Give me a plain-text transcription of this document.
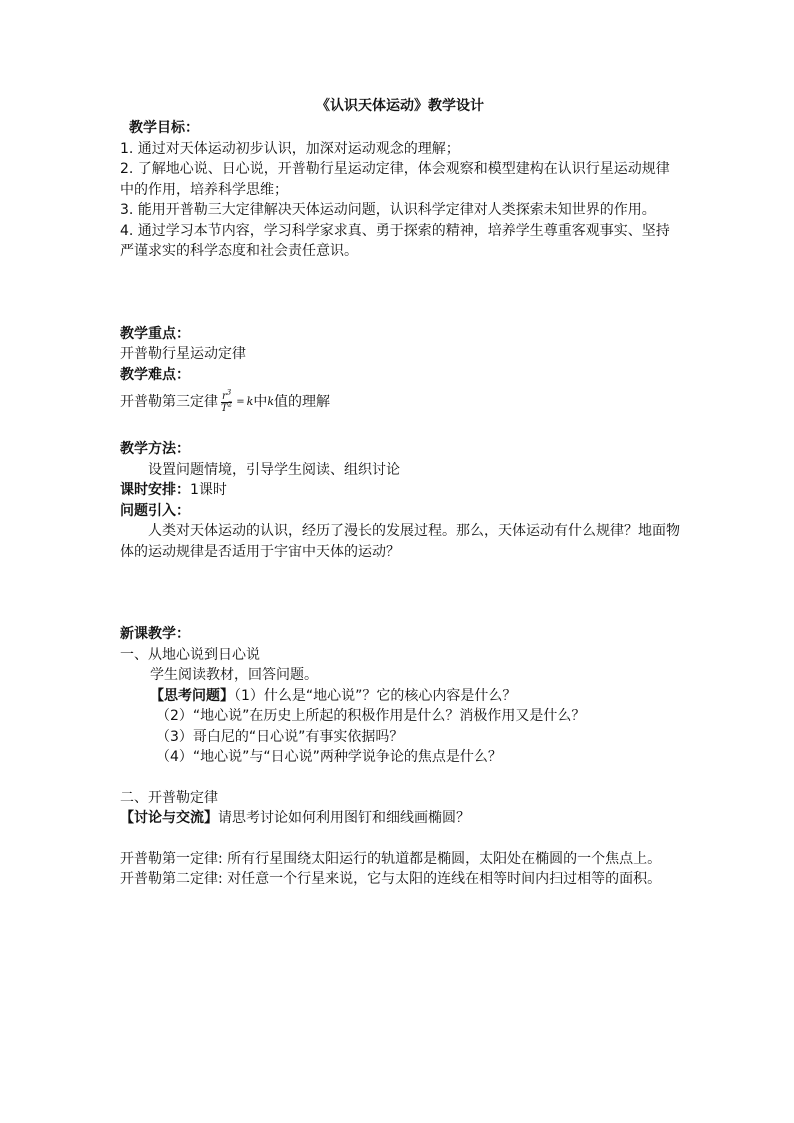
《认识天体运动》教学设计

教学目标：

1. 通过对天体运动初步认识，加深对运动观念的理解；

2. 了解地心说、日心说，开普勒行星运动定律，体会观察和模型建构在认识行星运动规律中的作用，培养科学思维；

3. 能用开普勒三大定律解决天体运动问题，认识科学定律对人类探索未知世界的作用。

4. 通过学习本节内容，学习科学家求真、勇于探索的精神，培养学生尊重客观事实、坚持严谨求实的科学态度和社会责任意识。

教学重点：

开普勒行星运动定律

教学难点：

开普勒第三定律 $\frac{r^3}{T^2} = k$ 中 k 值的理解

教学方法：

设置问题情境，引导学生阅读、组织讨论

课时安排：1课时

问题引入：

人类对天体运动的认识，经历了漫长的发展过程。那么，天体运动有什么规律？地面物体的运动规律是否适用于宇宙中天体的运动？

新课教学：

一、从地心说到日心说

学生阅读教材，回答问题。

【思考问题】（1）什么是“地心说”？它的核心内容是什么？

（2）“地心说”在历史上所起的积极作用是什么？消极作用又是什么？

（3）哥白尼的“日心说”有事实依据吗？

（4）“地心说”与“日心说”两种学说争论的焦点是什么？

二、开普勒定律

【讨论与交流】请思考讨论如何利用图钉和细线画椭圆？

开普勒第一定律: 所有行星围绕太阳运行的轨道都是椭圆，太阳处在椭圆的一个焦点上。

开普勒第二定律: 对任意一个行星来说，它与太阳的连线在相等时间内扫过相等的面积。
